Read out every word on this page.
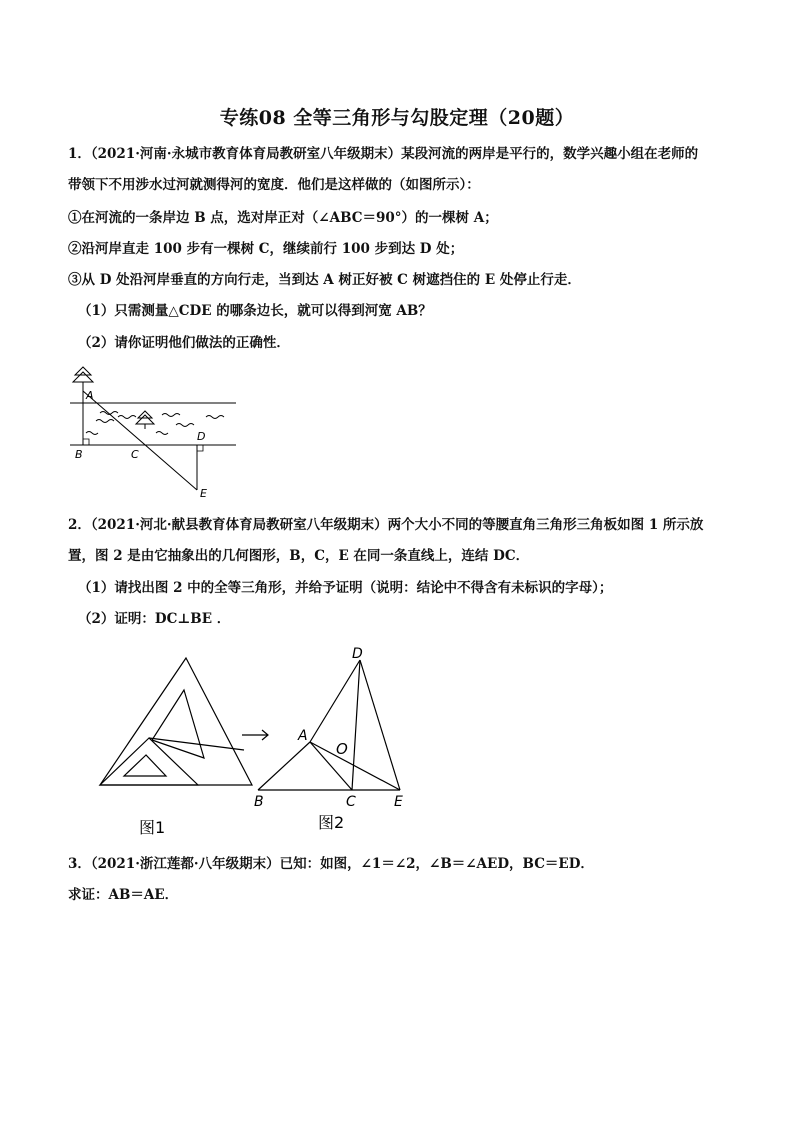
专练08 全等三角形与勾股定理（20题）
1．（2021·河南·永城市教育体育局教研室八年级期末）某段河流的两岸是平行的，数学兴趣小组在老师的
带领下不用涉水过河就测得河的宽度．他们是这样做的（如图所示）：
①在河流的一条岸边 B 点，选对岸正对（∠ABC＝90°）的一棵树 A；
②沿河岸直走 100 步有一棵树 C，继续前行 100 步到达 D 处；
③从 D 处沿河岸垂直的方向行走，当到达 A 树正好被 C 树遮挡住的 E 处停止行走．
（1）只需测量△CDE 的哪条边长，就可以得到河宽 AB？
（2）请你证明他们做法的正确性．
A
B	C
D
E
2．（2021·河北·献县教育体育局教研室八年级期末）两个大小不同的等腰直角三角形三角板如图 1 所示放
置，图 2 是由它抽象出的几何图形，B，C，E 在同一条直线上，连结 DC．
（1）请找出图 2 中的全等三角形，并给予证明（说明：结论中不得含有未标识的字母）；
（2）证明：DC⊥BE ．
图1
D
A
O
B	C	E
图2
3．（2021·浙江莲都·八年级期末）已知：如图，∠1＝∠2，∠B＝∠AED，BC＝ED．
求证：AB＝AE．
